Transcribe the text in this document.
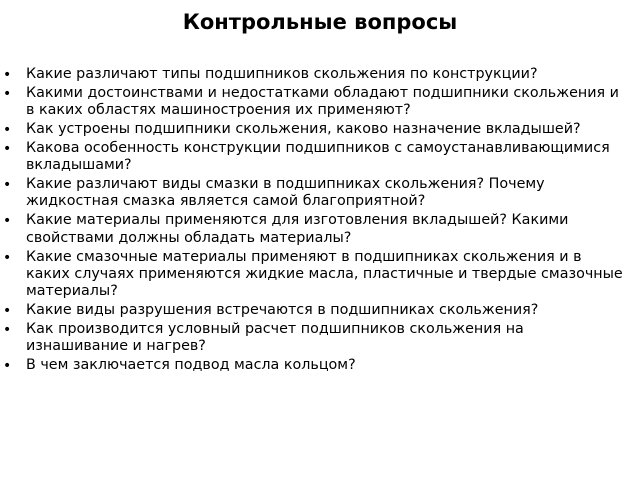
Контрольные вопросы
• Какие различают типы подшипников скольжения по конструкции?
• Какими достоинствами и недостатками обладают подшипники скольжения и в каких областях машиностроения их применяют?
• Как устроены подшипники скольжения, каково назначение вкладышей?
• Какова особенность конструкции подшипников с самоустанавливающимися вкладышами?
• Какие различают виды смазки в подшипниках скольжения? Почему жидкостная смазка является самой благоприятной?
• Какие материалы применяются для изготовления вкладышей? Какими свойствами должны обладать материалы?
• Какие смазочные материалы применяют в подшипниках скольжения и в каких случаях применяются жидкие масла, пластичные и твердые смазочные материалы?
• Какие виды разрушения встречаются в подшипниках скольжения?
• Как производится условный расчет подшипников скольжения на изнашивание и нагрев?
• В чем заключается подвод масла кольцом?
